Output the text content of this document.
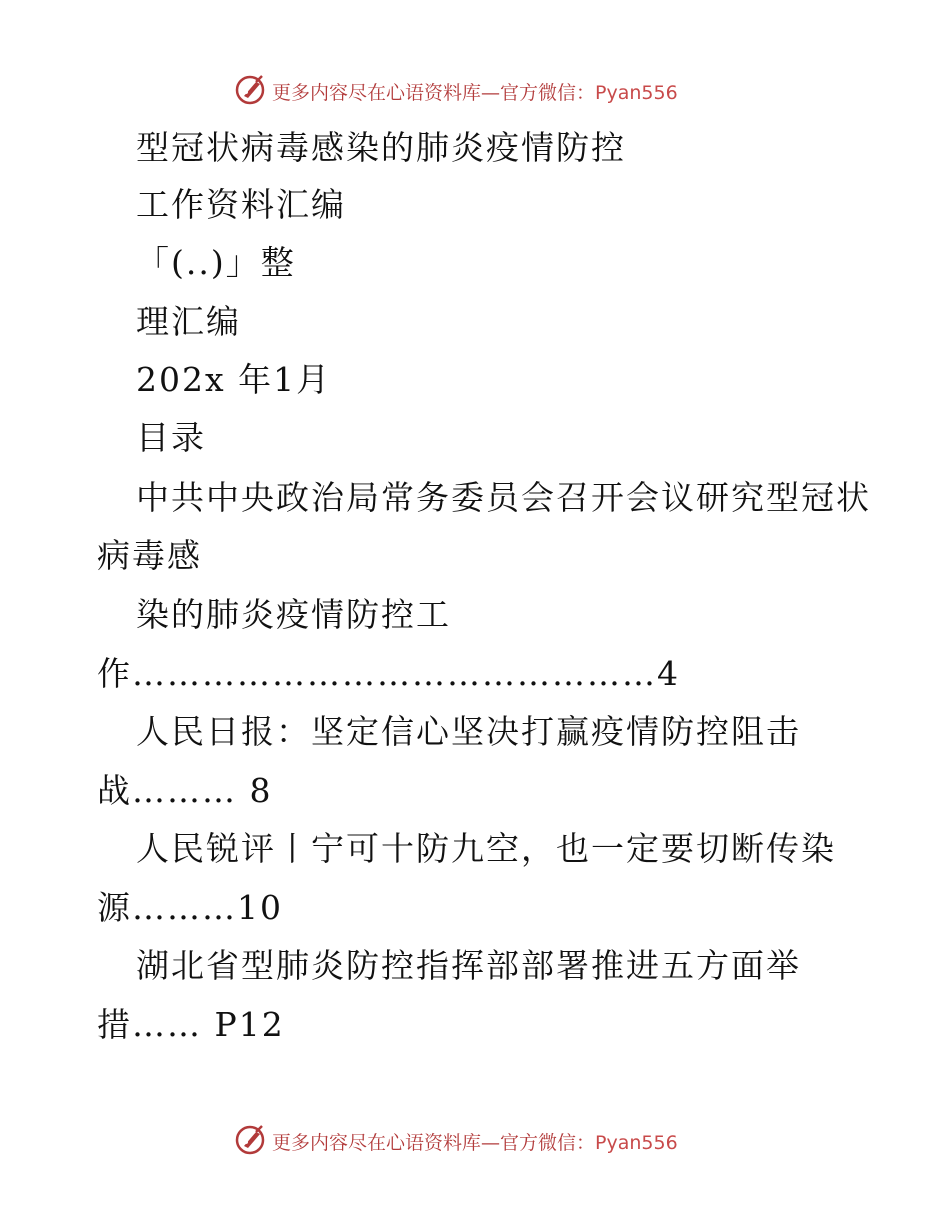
更多内容尽在心语资料库—官方微信：Pyan556
型冠状病毒感染的肺炎疫情防控
工作资料汇编
「(..)」整
理汇编
202x 年1月
目录
中共中央政治局常务委员会召开会议研究型冠状
病毒感
染的肺炎疫情防控工
作………………………………………4
人民日报：坚定信心坚决打赢疫情防控阻击
战……… 8
人民锐评丨宁可十防九空，也一定要切断传染
源………10
湖北省型肺炎防控指挥部部署推进五方面举
措…… P12
更多内容尽在心语资料库—官方微信：Pyan556
